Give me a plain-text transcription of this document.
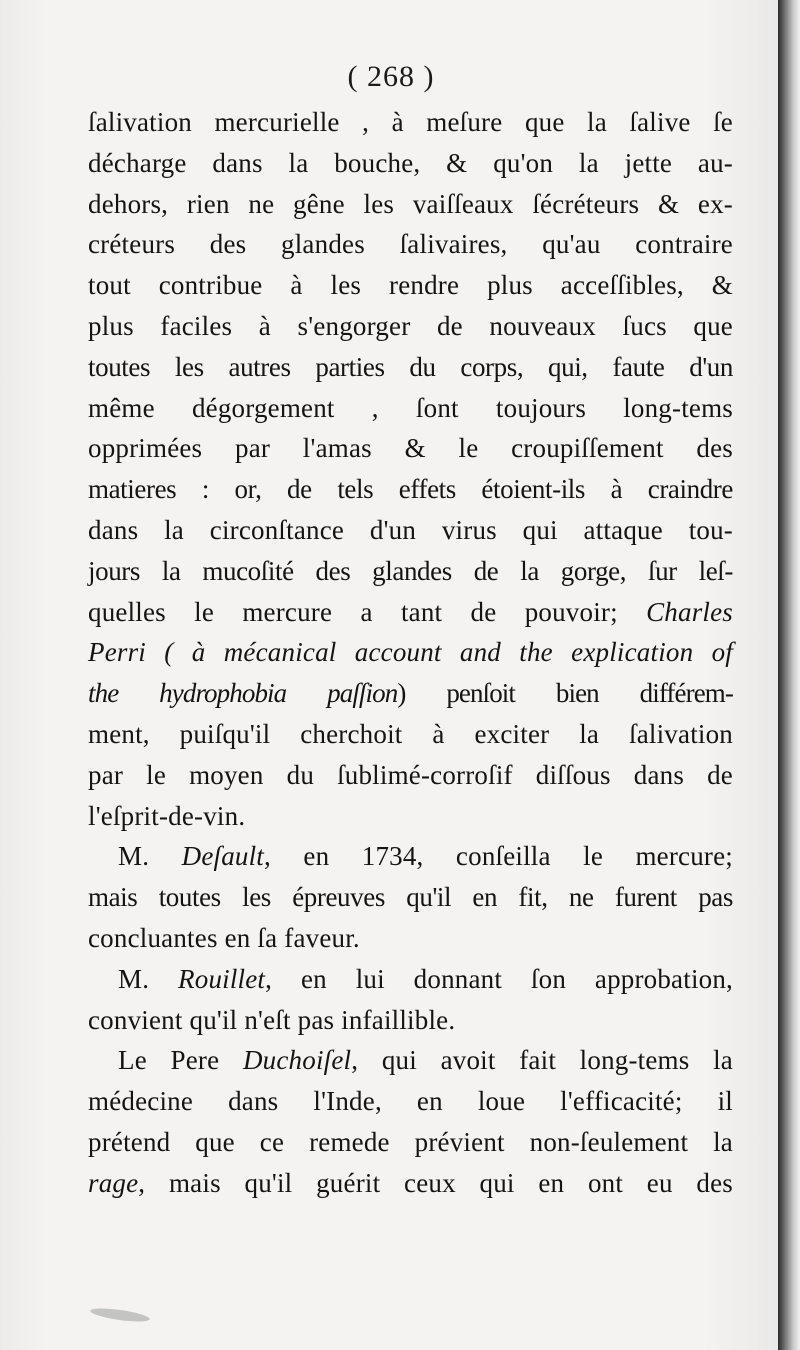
( 268 )
ſalivation mercurielle , à meſure que la ſalive ſe
décharge dans la bouche, & qu'on la jette au-
dehors, rien ne gêne les vaiſſeaux ſécréteurs & ex-
créteurs des glandes ſalivaires, qu'au contraire
tout contribue à les rendre plus acceſſibles, &
plus faciles à s'engorger de nouveaux ſucs que
toutes les autres parties du corps, qui, faute d'un
même dégorgement , ſont toujours long-tems
opprimées par l'amas & le croupiſſement des
matieres : or, de tels effets étoient-ils à craindre
dans la circonſtance d'un virus qui attaque tou-
jours la mucoſité des glandes de la gorge, ſur leſ-
quelles le mercure a tant de pouvoir; Charles
Perri ( à mécanical account and the explication of
the hydrophobia paſſion) penſoit bien différem-
ment, puiſqu'il cherchoit à exciter la ſalivation
par le moyen du ſublimé-corroſif diſſous dans de
l'eſprit-de-vin.
M. Deſault, en 1734, conſeilla le mercure;
mais toutes les épreuves qu'il en fit, ne furent pas
concluantes en ſa faveur.
M. Rouillet, en lui donnant ſon approbation,
convient qu'il n'eſt pas infaillible.
Le Pere Duchoiſel, qui avoit fait long-tems la
médecine dans l'Inde, en loue l'efficacité; il
prétend que ce remede prévient non-ſeulement la
rage, mais qu'il guérit ceux qui en ont eu des
